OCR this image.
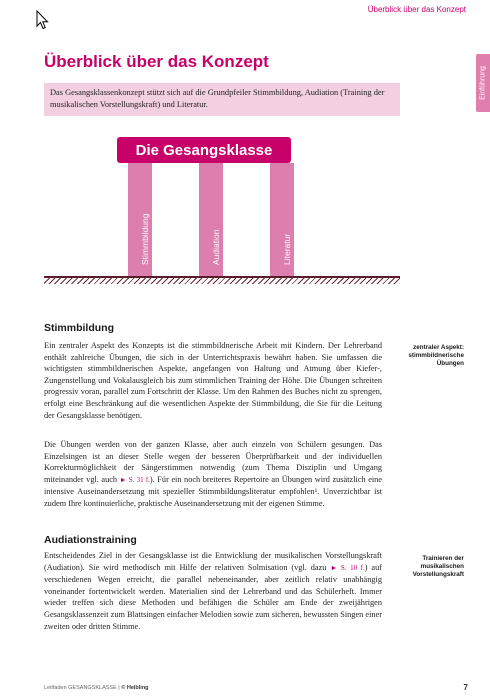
Überblick über das Konzept
Einführung
Überblick über das Konzept
Das Gesangsklassenkonzept stützt sich auf die Grundpfeiler Stimmbildung, Audiation (Training der musikalischen Vorstellungskraft) und Literatur.
Die Gesangsklasse
Stimmbildung	Audiation	Literatur
Stimmbildung

zentraler Aspekt: stimmbildnerische Übungen

Ein zentraler Aspekt des Konzepts ist die stimmbildnerische Arbeit mit Kindern. Der Lehrerband enthält zahlreiche Übungen, die sich in der Unterrichtspraxis bewährt haben. Sie umfassen die wichtigsten stimmbildnerischen Aspekte, angefangen von Haltung und Atmung über Kiefer-, Zungenstellung und Vokalausgleich bis zum stimmlichen Training der Höhe. Die Übungen schreiten progressiv voran, parallel zum Fortschritt der Klasse. Um den Rahmen des Buches nicht zu sprengen, erfolgt eine Beschränkung auf die wesentlichen Aspekte der Stimmbildung, die Sie für die Leitung der Gesangsklasse benötigen.

Die Übungen werden von der ganzen Klasse, aber auch einzeln von Schülern gesungen. Das Einzelsingen ist an dieser Stelle wegen der besseren Überprüfbarkeit und der individuellen Korrekturmöglichkeit der Sängerstimmen notwendig (zum Thema Disziplin und Umgang miteinander vgl. auch ► S. 31 f.). Für ein noch breiteres Repertoire an Übungen wird zusätzlich eine intensive Auseinandersetzung mit spezieller Stimmbildungsliteratur empfohlen¹. Unverzichtbar ist zudem Ihre kontinuierliche, praktische Auseinandersetzung mit der eigenen Stimme.

Audiationstraining

Trainieren der musikalischen Vorstellungskraft

Entscheidendes Ziel in der Gesangsklasse ist die Entwicklung der musikalischen Vorstellungskraft (Audiation). Sie wird methodisch mit Hilfe der relativen Solmisation (vgl. dazu ► S. 10 f.) auf verschiedenen Wegen erreicht, die parallel nebeneinander, aber zeitlich relativ unabhängig voneinander fortentwickelt werden. Materialien sind der Lehrerband und das Schülerheft. Immer wieder treffen sich diese Methoden und befähigen die Schüler am Ende der zweijährigen Gesangsklassenzeit zum Blattsingen einfacher Melodien sowie zum sicheren, bewussten Singen einer zweiten oder dritten Stimme.

Leitfaden GESANGSKLASSE | © Helbling	7
